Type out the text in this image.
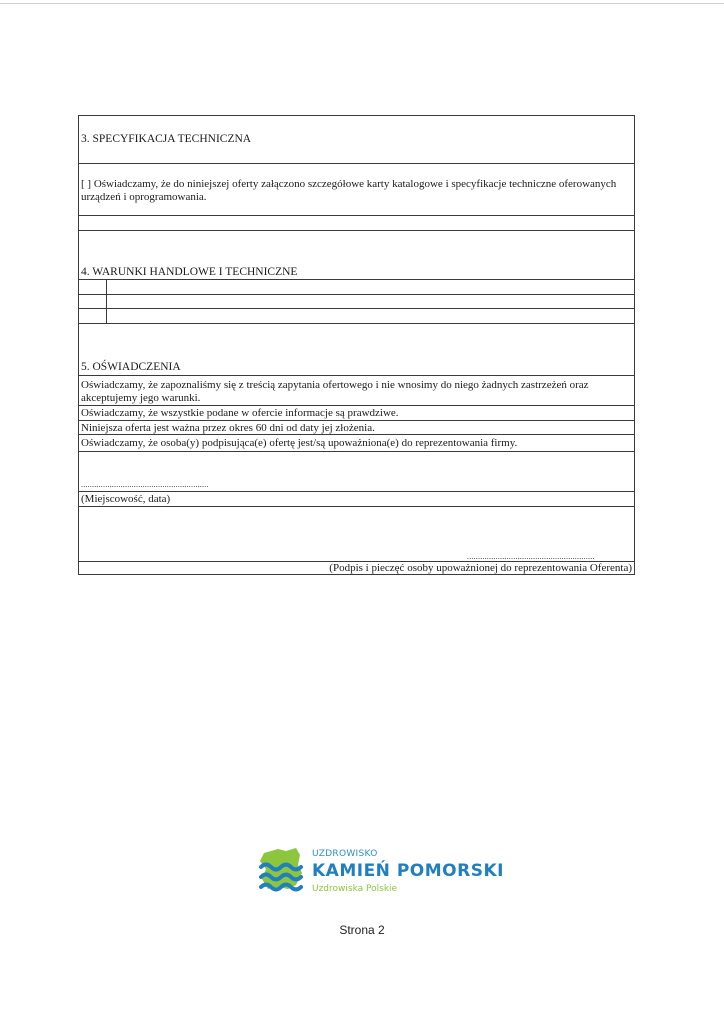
3. SPECYFIKACJA TECHNICZNA
[ ] Oświadczamy, że do niniejszej oferty załączono szczegółowe karty katalogowe i specyfikacje techniczne oferowanych urządzeń i oprogramowania.
4. WARUNKI HANDLOWE I TECHNICZNE
5. OŚWIADCZENIA
Oświadczamy, że zapoznaliśmy się z treścią zapytania ofertowego i nie wnosimy do niego żadnych zastrzeżeń oraz akceptujemy jego warunki.
Oświadczamy, że wszystkie podane w ofercie informacje są prawdziwe.
Niniejsza oferta jest ważna przez okres 60 dni od daty jej złożenia.
Oświadczamy, że osoba(y) podpisująca(e) ofertę jest/są upoważniona(e) do reprezentowania firmy.
..........................................................
(Miejscowość, data)
..........................................................
(Podpis i pieczęć osoby upoważnionej do reprezentowania Oferenta)
UZDROWISKO
KAMIEŃ POMORSKI
Uzdrowiska Polskie
Strona 2
